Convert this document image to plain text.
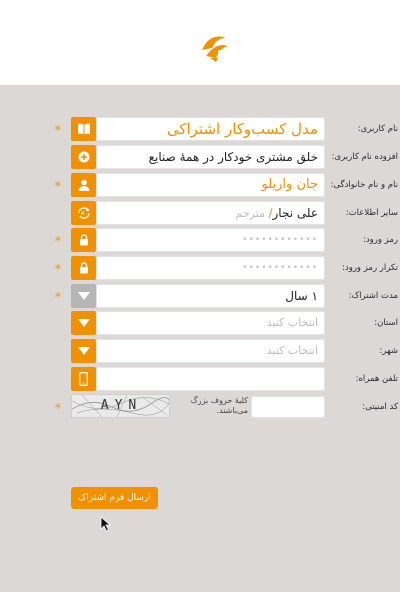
نام کاربری:
مدل کسب‌وکار اشتراکی
*
افزوده نام کاربری:
خلق مشتری خودکار در همهٔ صنایع
نام و نام خانوادگی:
جان واریلو
*
سایر اطلاعات:
علی نجار/ مترجم
A
رمز ورود:
••••••••••••
*
تکرار رمز ورود:
••••••••••••
*
مدت اشتراک:
۱ سال
*
استان:
انتخاب کنید
شهر:
انتخاب کنید
تلفن همراه:
کد امنیتی:
*
کلیهٔ حروف بزرگ می‌باشند.
AYN
ارسال فرم اشتراک
